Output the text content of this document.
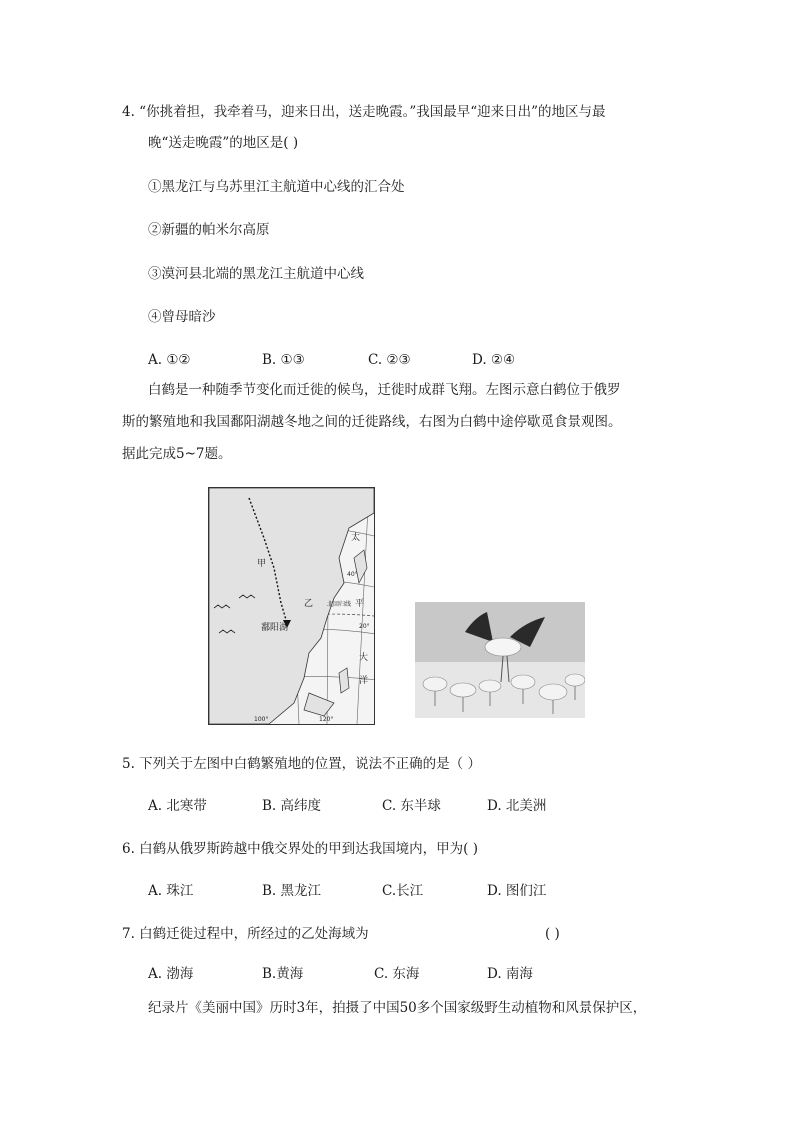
4. “你挑着担，我牵着马，迎来日出，送走晚霞。”我国最早“迎来日出”的地区与最
晚“送走晚霞”的地区是( )
①黑龙江与乌苏里江主航道中心线的汇合处
②新疆的帕米尔高原
③漠河县北端的黑龙江主航道中心线
④曾母暗沙
A. ①②	B. ①③	C. ②③	D. ②④
白鹤是一种随季节变化而迁徙的候鸟，迁徙时成群飞翔。左图示意白鹤位于俄罗
斯的繁殖地和我国鄱阳湖越冬地之间的迁徙路线，右图为白鹤中途停歇觅食景观图。
据此完成5~7题。
甲
乙
鄱阳湖
太
平
洋
大
北回归线
40°
20°
100°	120°
5. 下列关于左图中白鹤繁殖地的位置，说法不正确的是（ ）
A. 北寒带	B. 高纬度	C. 东半球	D. 北美洲
6. 白鹤从俄罗斯跨越中俄交界处的甲到达我国境内，甲为( )
A. 珠江	B. 黑龙江	C.长江	D. 图们江
7. 白鹤迁徙过程中，所经过的乙处海域为	( )
A. 渤海	B.黄海	C. 东海	D. 南海
纪录片《美丽中国》历时3年，拍摄了中国50多个国家级野生动植物和风景保护区，
